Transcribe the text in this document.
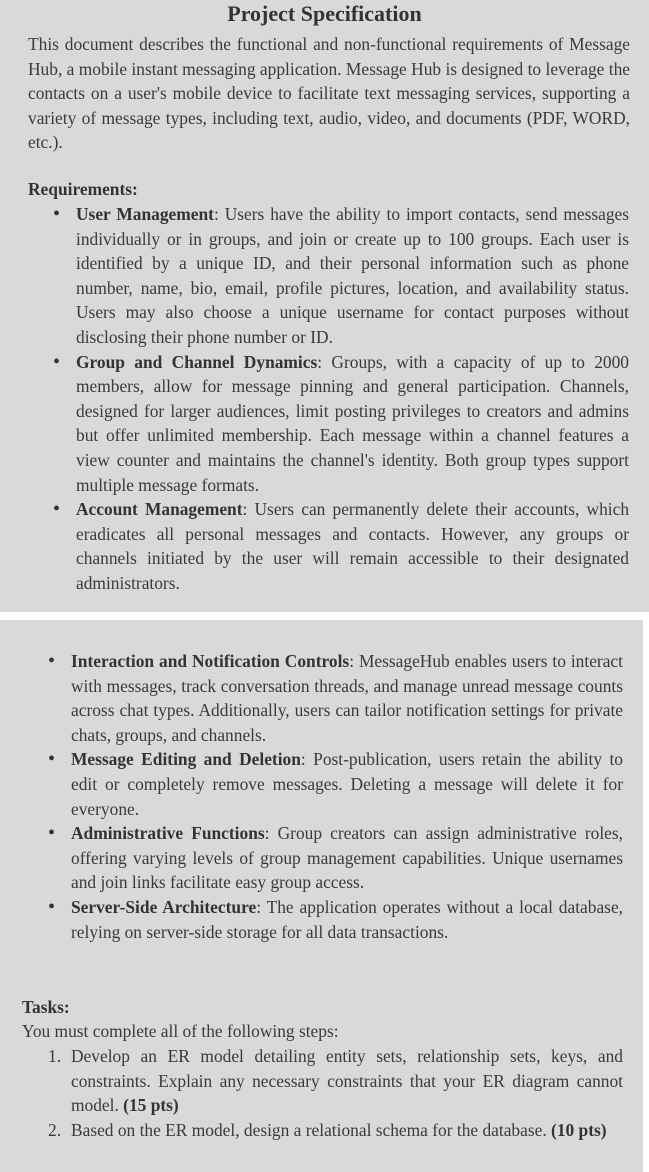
Project Specification

This document describes the functional and non-functional requirements of Message Hub, a mobile instant messaging application. Message Hub is designed to leverage the contacts on a user's mobile device to facilitate text messaging services, supporting a variety of message types, including text, audio, video, and documents (PDF, WORD, etc.).

Requirements:

• User Management: Users have the ability to import contacts, send messages individually or in groups, and join or create up to 100 groups. Each user is identified by a unique ID, and their personal information such as phone number, name, bio, email, profile pictures, location, and availability status. Users may also choose a unique username for contact purposes without disclosing their phone number or ID.
• Group and Channel Dynamics: Groups, with a capacity of up to 2000 members, allow for message pinning and general participation. Channels, designed for larger audiences, limit posting privileges to creators and admins but offer unlimited membership. Each message within a channel features a view counter and maintains the channel's identity. Both group types support multiple message formats.
• Account Management: Users can permanently delete their accounts, which eradicates all personal messages and contacts. However, any groups or channels initiated by the user will remain accessible to their designated administrators.
• Interaction and Notification Controls: MessageHub enables users to interact with messages, track conversation threads, and manage unread message counts across chat types. Additionally, users can tailor notification settings for private chats, groups, and channels.
• Message Editing and Deletion: Post-publication, users retain the ability to edit or completely remove messages. Deleting a message will delete it for everyone.
• Administrative Functions: Group creators can assign administrative roles, offering varying levels of group management capabilities. Unique usernames and join links facilitate easy group access.
• Server-Side Architecture: The application operates without a local database, relying on server-side storage for all data transactions.

Tasks:

You must complete all of the following steps:

1. Develop an ER model detailing entity sets, relationship sets, keys, and constraints. Explain any necessary constraints that your ER diagram cannot model. (15 pts)
2. Based on the ER model, design a relational schema for the database. (10 pts)
